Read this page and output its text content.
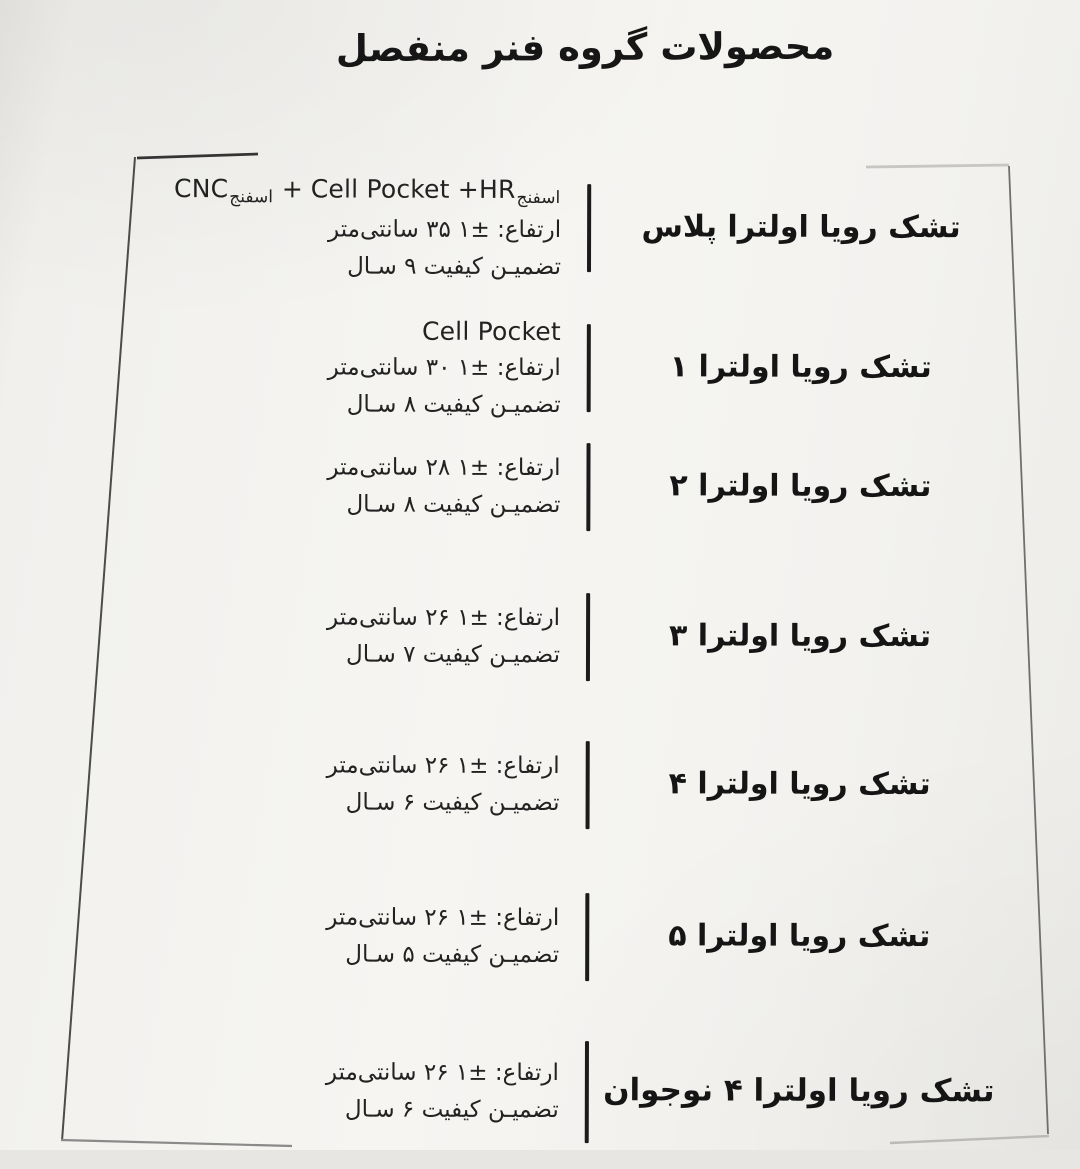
محصولات گروه فنر منفصل
$CNC_{اسفنج}$ + Cell Pocket $+HR_{اسفنج}$
ارتفاع: ±۱ ۳۵ سانتی‌متر
تضمیـن کیفیت ۹ سـال
تشک رویا اولترا پلاس
Cell Pocket
ارتفاع: ±۱ ۳۰ سانتی‌متر
تضمیـن کیفیت ۸ سـال
تشک رویا اولترا ۱
ارتفاع: ±۱ ۲۸ سانتی‌متر
تضمیـن کیفیت ۸ سـال
تشک رویا اولترا ۲
ارتفاع: ±۱ ۲۶ سانتی‌متر
تضمیـن کیفیت ۷ سـال
تشک رویا اولترا ۳
ارتفاع: ±۱ ۲۶ سانتی‌متر
تضمیـن کیفیت ۶ سـال
تشک رویا اولترا ۴
ارتفاع: ±۱ ۲۶ سانتی‌متر
تضمیـن کیفیت ۵ سـال
تشک رویا اولترا ۵
ارتفاع: ±۱ ۲۶ سانتی‌متر
تضمیـن کیفیت ۶ سـال
تشک رویا اولترا ۴ نوجوان
